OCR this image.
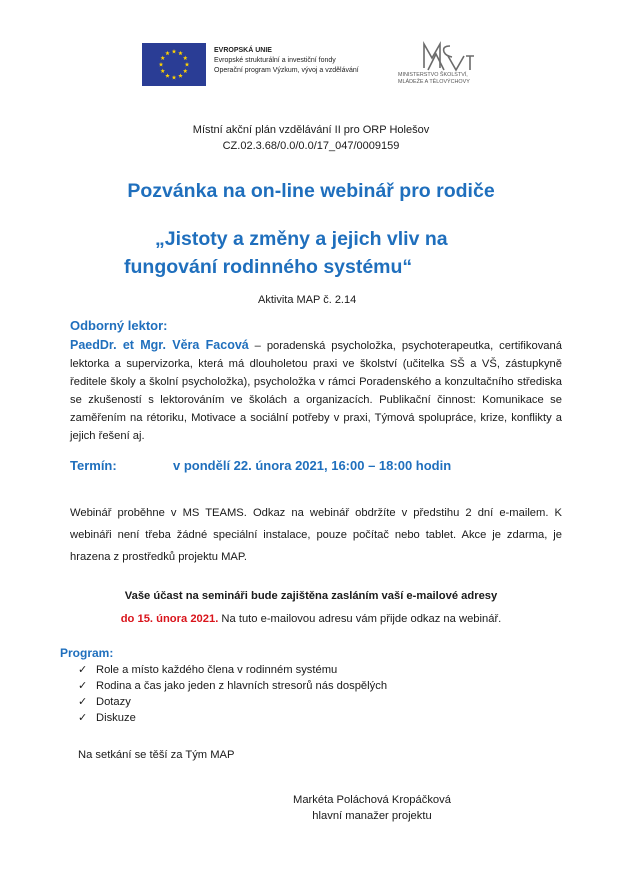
EVROPSKÁ UNIE
Evropské strukturální a investiční fondy
Operační program Výzkum, vývoj a vzdělávání
MINISTERSTVO ŠKOLSTVÍ,
MLÁDEŽE A TĚLOVÝCHOVY
Místní akční plán vzdělávání II pro ORP Holešov
CZ.02.3.68/0.0/0.0/17_047/0009159
Pozvánka na on-line webinář pro rodiče
„Jistoty a změny a jejich vliv na
fungování rodinného systému“
Aktivita MAP č. 2.14
Odborný lektor:
PaedDr. et Mgr. Věra Facová – poradenská psycholožka, psychoterapeutka, certifikovaná lektorka a supervizorka, která má dlouholetou praxi ve školství (učitelka SŠ a VŠ, zástupkyně ředitele školy a školní psycholožka), psycholožka v rámci Poradenského a konzultačního střediska se zkušeností s lektorováním ve školách a organizacích. Publikační činnost: Komunikace se zaměřením na rétoriku, Motivace a sociální potřeby v praxi, Týmová spolupráce, krize, konflikty a jejich řešení aj.
Termín:	v pondělí 22. února 2021, 16:00 – 18:00 hodin
Webinář proběhne v MS TEAMS. Odkaz na webinář obdržíte v předstihu 2 dní e-mailem. K webináři není třeba žádné speciální instalace, pouze počítač nebo tablet. Akce je zdarma, je hrazena z prostředků projektu MAP.
Vaše účast na semináři bude zajištěna zasláním vaší e-mailové adresy
do 15. února 2021. Na tuto e-mailovou adresu vám přijde odkaz na webinář.
Program:
✓ Role a místo každého člena v rodinném systému
✓ Rodina a čas jako jeden z hlavních stresorů nás dospělých
✓ Dotazy
✓ Diskuze
Na setkání se těší za Tým MAP
Markéta Poláchová Kropáčková
hlavní manažer projektu
